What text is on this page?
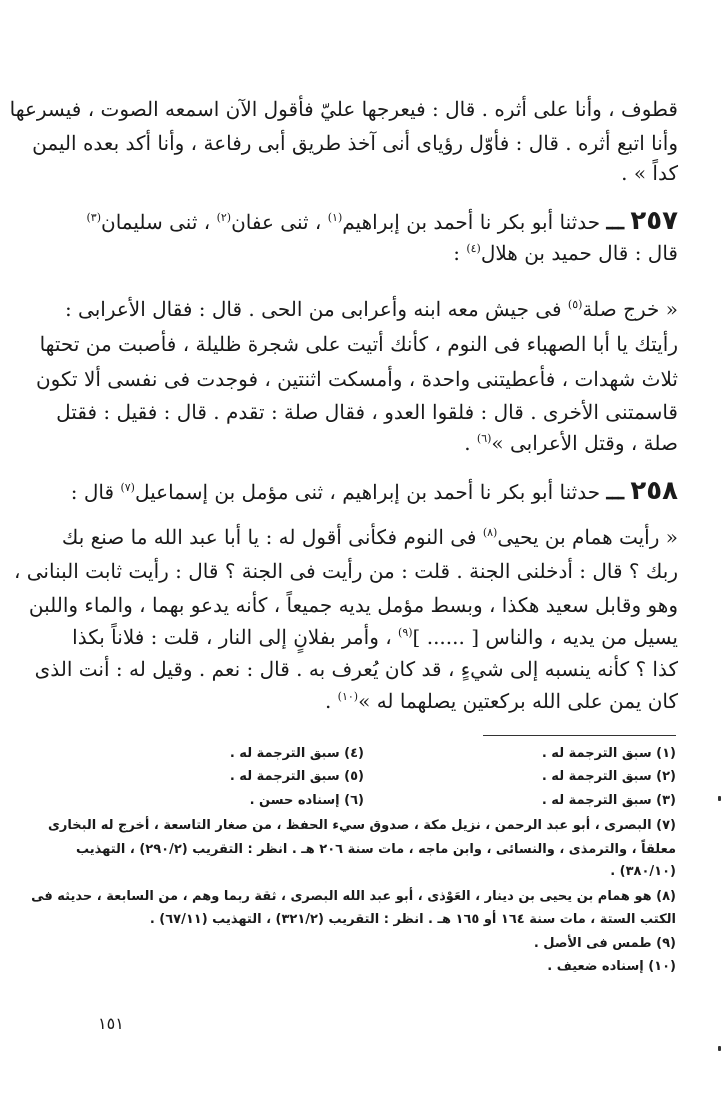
قطوف ، وأنا على أثره . قال : فيعرجها عليّ فأقول الآن اسمعه الصوت ، فيسرعها
وأنا اتبع أثره . قال : فأوّل رؤياى أنى آخذ طريق أبى رفاعة ، وأنا أكد بعده اليمن
كداً » .
٢٥٧ ـــ حدثنا أبو بكر نا أحمد بن إبراهيم$^{(١)}$ ، ثنى عفان$^{(٢)}$ ، ثنى سليمان$^{(٣)}$
قال : قال حميد بن هلال$^{(٤)}$ :
« خرج صلة$^{(٥)}$ فى جيش معه ابنه وأعرابى من الحى . قال : فقال الأعرابى :
رأيتك يا أبا الصهباء فى النوم ، كأنك أتيت على شجرة ظليلة ، فأصبت من تحتها
ثلاث شهدات ، فأعطيتنى واحدة ، وأمسكت اثنتين ، فوجدت فى نفسى ألا تكون
قاسمتنى الأخرى . قال : فلقوا العدو ، فقال صلة : تقدم . قال : فقيل : فقتل
صلة ، وقتل الأعرابى »$^{(٦)}$ .
٢٥٨ ـــ حدثنا أبو بكر نا أحمد بن إبراهيم ، ثنى مؤمل بن إسماعيل$^{(٧)}$ قال :
« رأيت همام بن يحيى$^{(٨)}$ فى النوم فكأنى أقول له : يا أبا عبد الله ما صنع بك
ربك ؟ قال : أدخلنى الجنة . قلت : من رأيت فى الجنة ؟ قال : رأيت ثابت البنانى ،
وهو وقابل سعيد هكذا ، وبسط مؤمل يديه جميعاً ، كأنه يدعو بهما ، والماء واللبن
يسيل من يديه ، والناس [ ...... ]$^{(٩)}$ ، وأمر بفلانٍ إلى النار ، قلت : فلاناً بكذا
كذا ؟ كأنه ينسبه إلى شيءٍ ، قد كان يُعرف به . قال : نعم . وقيل له : أنت الذى
كان يمن على الله بركعتين يصلهما له »$^{(١٠)}$ .
(١) سبق الترجمة له .
(٤) سبق الترجمة له .
(٢) سبق الترجمة له .
(٥) سبق الترجمة له .
(٣) سبق الترجمة له .
(٦) إسناده حسن .
(٧) البصرى ، أبو عبد الرحمن ، نزيل مكة ، صدوق سيء الحفظ ، من صغار التاسعة ، أخرج له البخارى
معلقاً ، والترمذى ، والنسائى ، وابن ماجه ، مات سنة ٢٠٦ هـ . انظر : التقريب (٢٩٠/٢) ، التهذيب
(٣٨٠/١٠) .
(٨) هو همام بن يحيى بن دينار ، العَوْذى ، أبو عبد الله البصرى ، ثقة ربما وهم ، من السابعة ، حديثه فى
الكتب الستة ، مات سنة ١٦٤ أو ١٦٥ هـ . انظر : التقريب (٣٢١/٢) ، التهذيب (٦٧/١١) .
(٩) طمس فى الأصل .
(١٠) إسناده ضعيف .
١٥١
